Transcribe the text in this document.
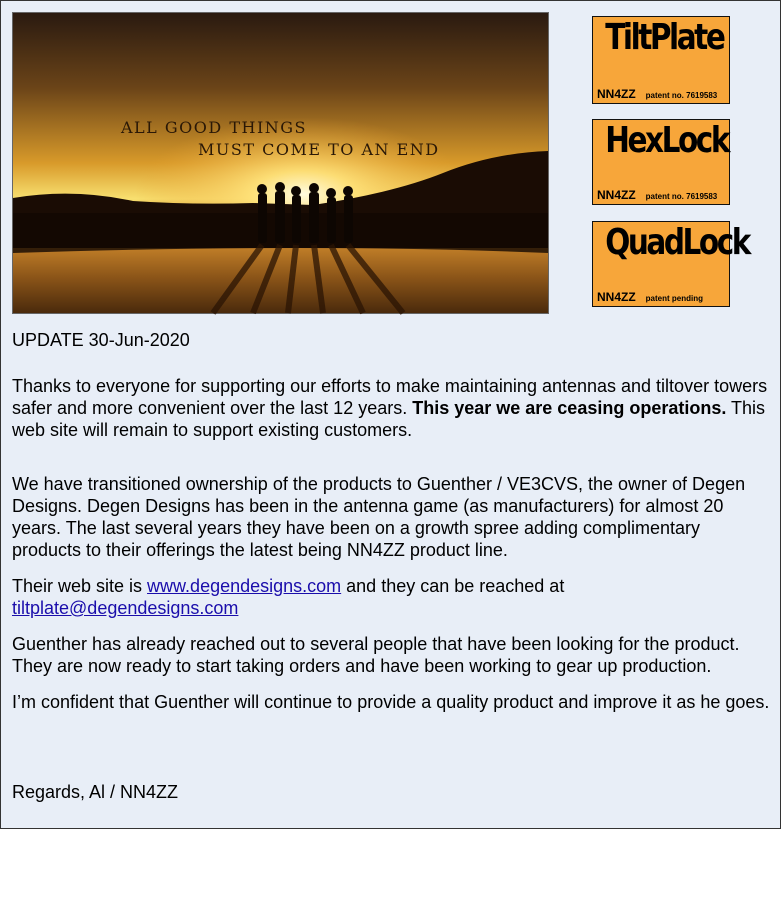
ALL GOOD THINGS
MUST COME TO AN END
TiltPlate
NN4ZZ patent no. 7619583
HexLock
NN4ZZ patent no. 7619583
QuadLock
NN4ZZ patent pending

UPDATE 30-Jun-2020

Thanks to everyone for supporting our efforts to make maintaining antennas and tiltover towers safer and more convenient over the last 12 years. This year we are ceasing operations. This web site will remain to support existing customers.

We have transitioned ownership of the products to Guenther / VE3CVS, the owner of Degen Designs. Degen Designs has been in the antenna game (as manufacturers) for almost 20 years. The last several years they have been on a growth spree adding complimentary products to their offerings the latest being NN4ZZ product line.

Their web site is www.degendesigns.com and they can be reached at
tiltplate@degendesigns.com

Guenther has already reached out to several people that have been looking for the product. They are now ready to start taking orders and have been working to gear up production.

I’m confident that Guenther will continue to provide a quality product and improve it as he goes.

Regards, Al / NN4ZZ
